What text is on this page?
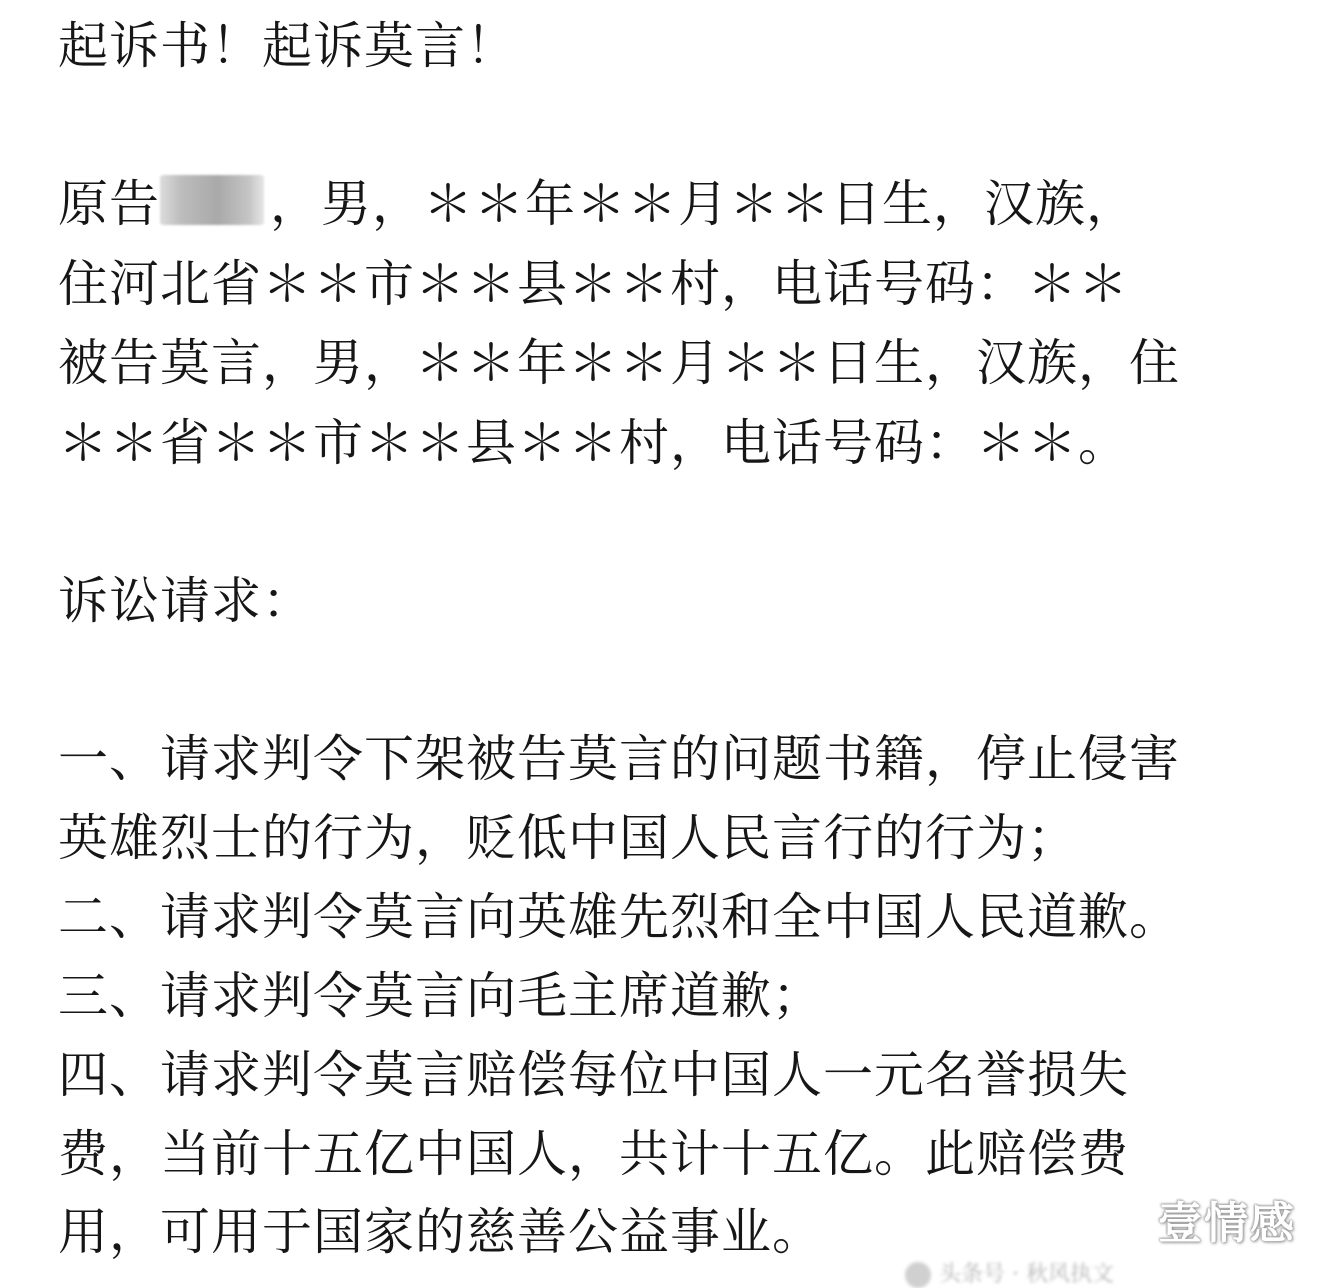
起诉书！起诉莫言！

原告 ，男，＊＊年＊＊月＊＊日生，汉族，

住河北省＊＊市＊＊县＊＊村，电话号码：＊＊

被告莫言，男，＊＊年＊＊月＊＊日生，汉族，住

＊＊省＊＊市＊＊县＊＊村，电话号码：＊＊。

诉讼请求：

一、请求判令下架被告莫言的问题书籍，停止侵害

英雄烈士的行为，贬低中国人民言行的行为；

二、请求判令莫言向英雄先烈和全中国人民道歉。

三、请求判令莫言向毛主席道歉；

四、请求判令莫言赔偿每位中国人一元名誉损失

费，当前十五亿中国人，共计十五亿。此赔偿费

用，可用于国家的慈善公益事业。	壹情感
头条号 · 秋风执文
